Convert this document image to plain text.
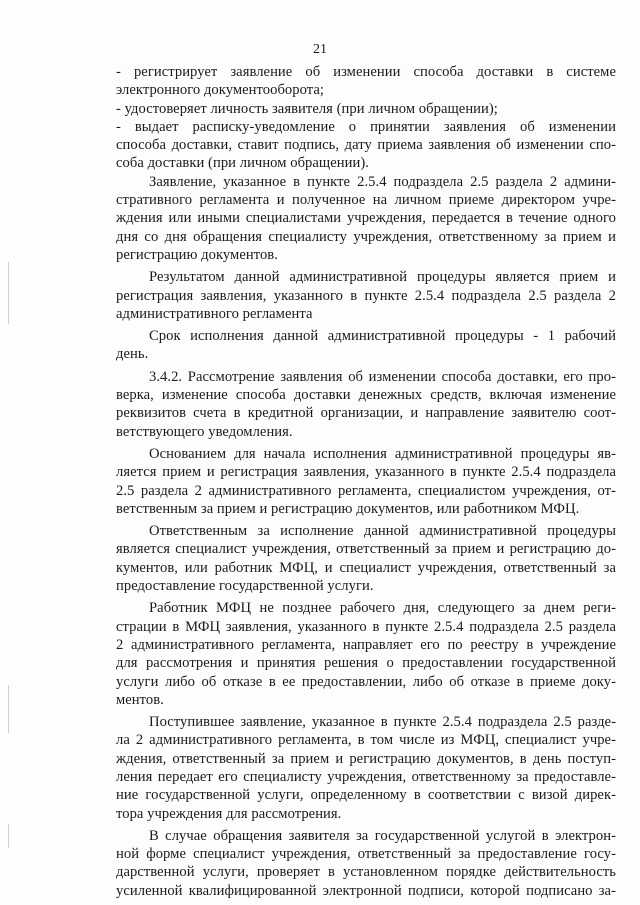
21
- регистрирует заявление об изменении способа доставки в системе
электронного документооборота;
- удостоверяет личность заявителя (при личном обращении);
- выдает расписку-уведомление о принятии заявления об изменении
способа доставки, ставит подпись, дату приема заявления об изменении спо-
соба доставки (при личном обращении).
Заявление, указанное в пункте 2.5.4 подраздела 2.5 раздела 2 админи-
стративного регламента и полученное на личном приеме директором учре-
ждения или иными специалистами учреждения, передается в течение одного
дня со дня обращения специалисту учреждения, ответственному за прием и
регистрацию документов.
Результатом данной административной процедуры является прием и
регистрация заявления, указанного в пункте 2.5.4 подраздела 2.5 раздела 2
административного регламента
Срок исполнения данной административной процедуры - 1 рабочий
день.
3.4.2. Рассмотрение заявления об изменении способа доставки, его про-
верка, изменение способа доставки денежных средств, включая изменение
реквизитов счета в кредитной организации, и направление заявителю соот-
ветствующего уведомления.
Основанием для начала исполнения административной процедуры яв-
ляется прием и регистрация заявления, указанного в пункте 2.5.4 подраздела
2.5 раздела 2 административного регламента, специалистом учреждения, от-
ветственным за прием и регистрацию документов, или работником МФЦ.
Ответственным за исполнение данной административной процедуры
является специалист учреждения, ответственный за прием и регистрацию до-
кументов, или работник МФЦ, и специалист учреждения, ответственный за
предоставление государственной услуги.
Работник МФЦ не позднее рабочего дня, следующего за днем реги-
страции в МФЦ заявления, указанного в пункте 2.5.4 подраздела 2.5 раздела
2 административного регламента, направляет его по реестру в учреждение
для рассмотрения и принятия решения о предоставлении государственной
услуги либо об отказе в ее предоставлении, либо об отказе в приеме доку-
ментов.
Поступившее заявление, указанное в пункте 2.5.4 подраздела 2.5 разде-
ла 2 административного регламента, в том числе из МФЦ, специалист учре-
ждения, ответственный за прием и регистрацию документов, в день поступ-
ления передает его специалисту учреждения, ответственному за предоставле-
ние государственной услуги, определенному в соответствии с визой дирек-
тора учреждения для рассмотрения.
В случае обращения заявителя за государственной услугой в электрон-
ной форме специалист учреждения, ответственный за предоставление госу-
дарственной услуги, проверяет в установленном порядке действительность
усиленной квалифицированной электронной подписи, которой подписано за-
